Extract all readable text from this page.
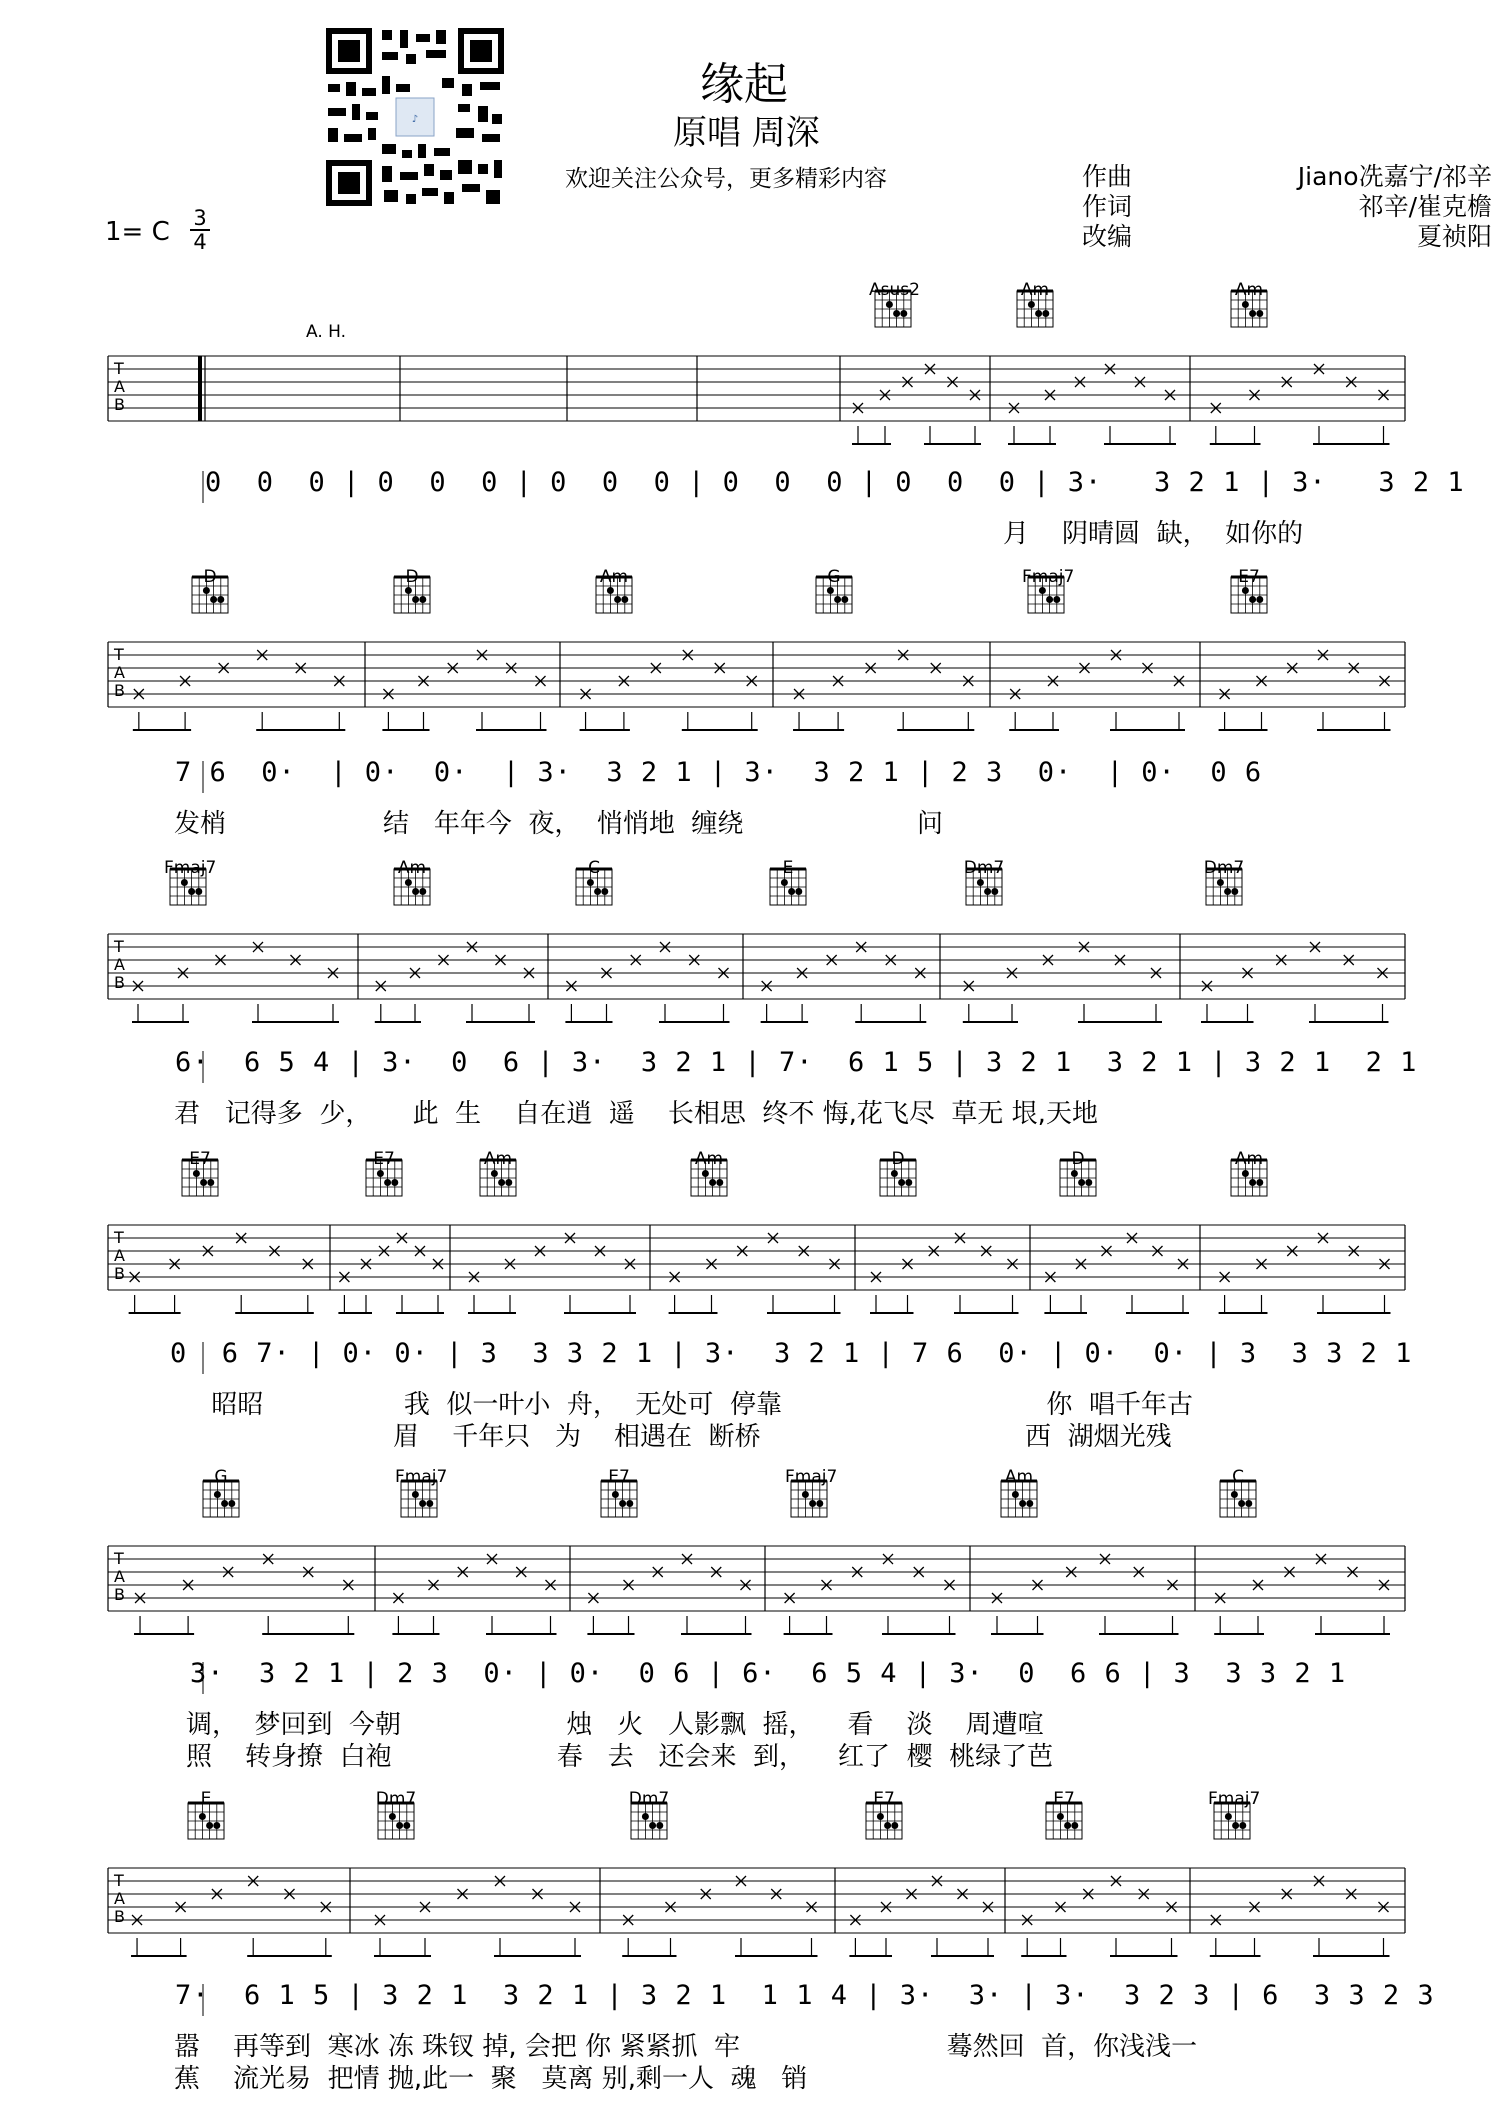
♪
缘起
原唱 周深
欢迎关注公众号，更多精彩内容	作曲	Jiano冼嘉宁/祁辛
作词	祁辛/崔克檐
改编	夏祯阳
1= C 3
4
A. H.
T
A
B
T
A
B
T
A
B
T
A
B
T
A
B
T
A
B
Asus2	Am	Am
0  0  0 | 0  0  0 | 0  0  0 | 0  0  0 | 0  0  0 | 3·   3 2 1 | 3·   3 2 1
月    阴晴圆  缺，  如你的
D	D	Am	G	Fmaj7	E7
7 6  0·  | 0·  0·  | 3·  3 2 1 | 3·  3 2 1 | 2 3  0·  | 0·  0 6
发梢                   结   年年今  夜，  悄悄地  缠绕                     问
Fmaj7	Am	C	E	Dm7	Dm7
6·  6 5 4 | 3·  0  6 | 3·  3 2 1 | 7·  6 1 5 | 3 2 1  3 2 1 | 3 2 1  2 1
君   记得多  少，     此  生    自在逍  遥    长相思  终不 悔,花飞尽  草无 垠,天地
E7	E7	Am	Am	D	D	Am
0  6 7· | 0· 0· | 3  3 3 2 1 | 3·  3 2 1 | 7 6  0· | 0·  0· | 3  3 3 2 1
昭昭                 我  似一叶小  舟，  无处可  停靠                                你  唱千年古
眉    千年只   为    相遇在  断桥                                西  湖烟光残
G	Fmaj7	E7	Fmaj7	Am	C
3·  3 2 1 | 2 3  0· | 0·  0 6 | 6·  6 5 4 | 3·  0  6 6 | 3  3 3 2 1
调，  梦回到  今朝                    烛   火   人影飘  摇，    看    淡    周遭喧
照    转身撩  白袍                    春   去   还会来  到，    红了  樱  桃绿了芭
E	Dm7	Dm7	E7	E7	Fmaj7
7·  6 1 5 | 3 2 1  3 2 1 | 3 2 1  1 1 4 | 3·  3· | 3·  3 2 3 | 6  3 3 2 3
嚣    再等到  寒冰 冻 珠钗 掉, 会把 你 紧紧抓  牢                         蓦然回  首，你浅浅一
蕉    流光易  把情 抛,此一  聚   莫离 别,剩一人  魂   销
